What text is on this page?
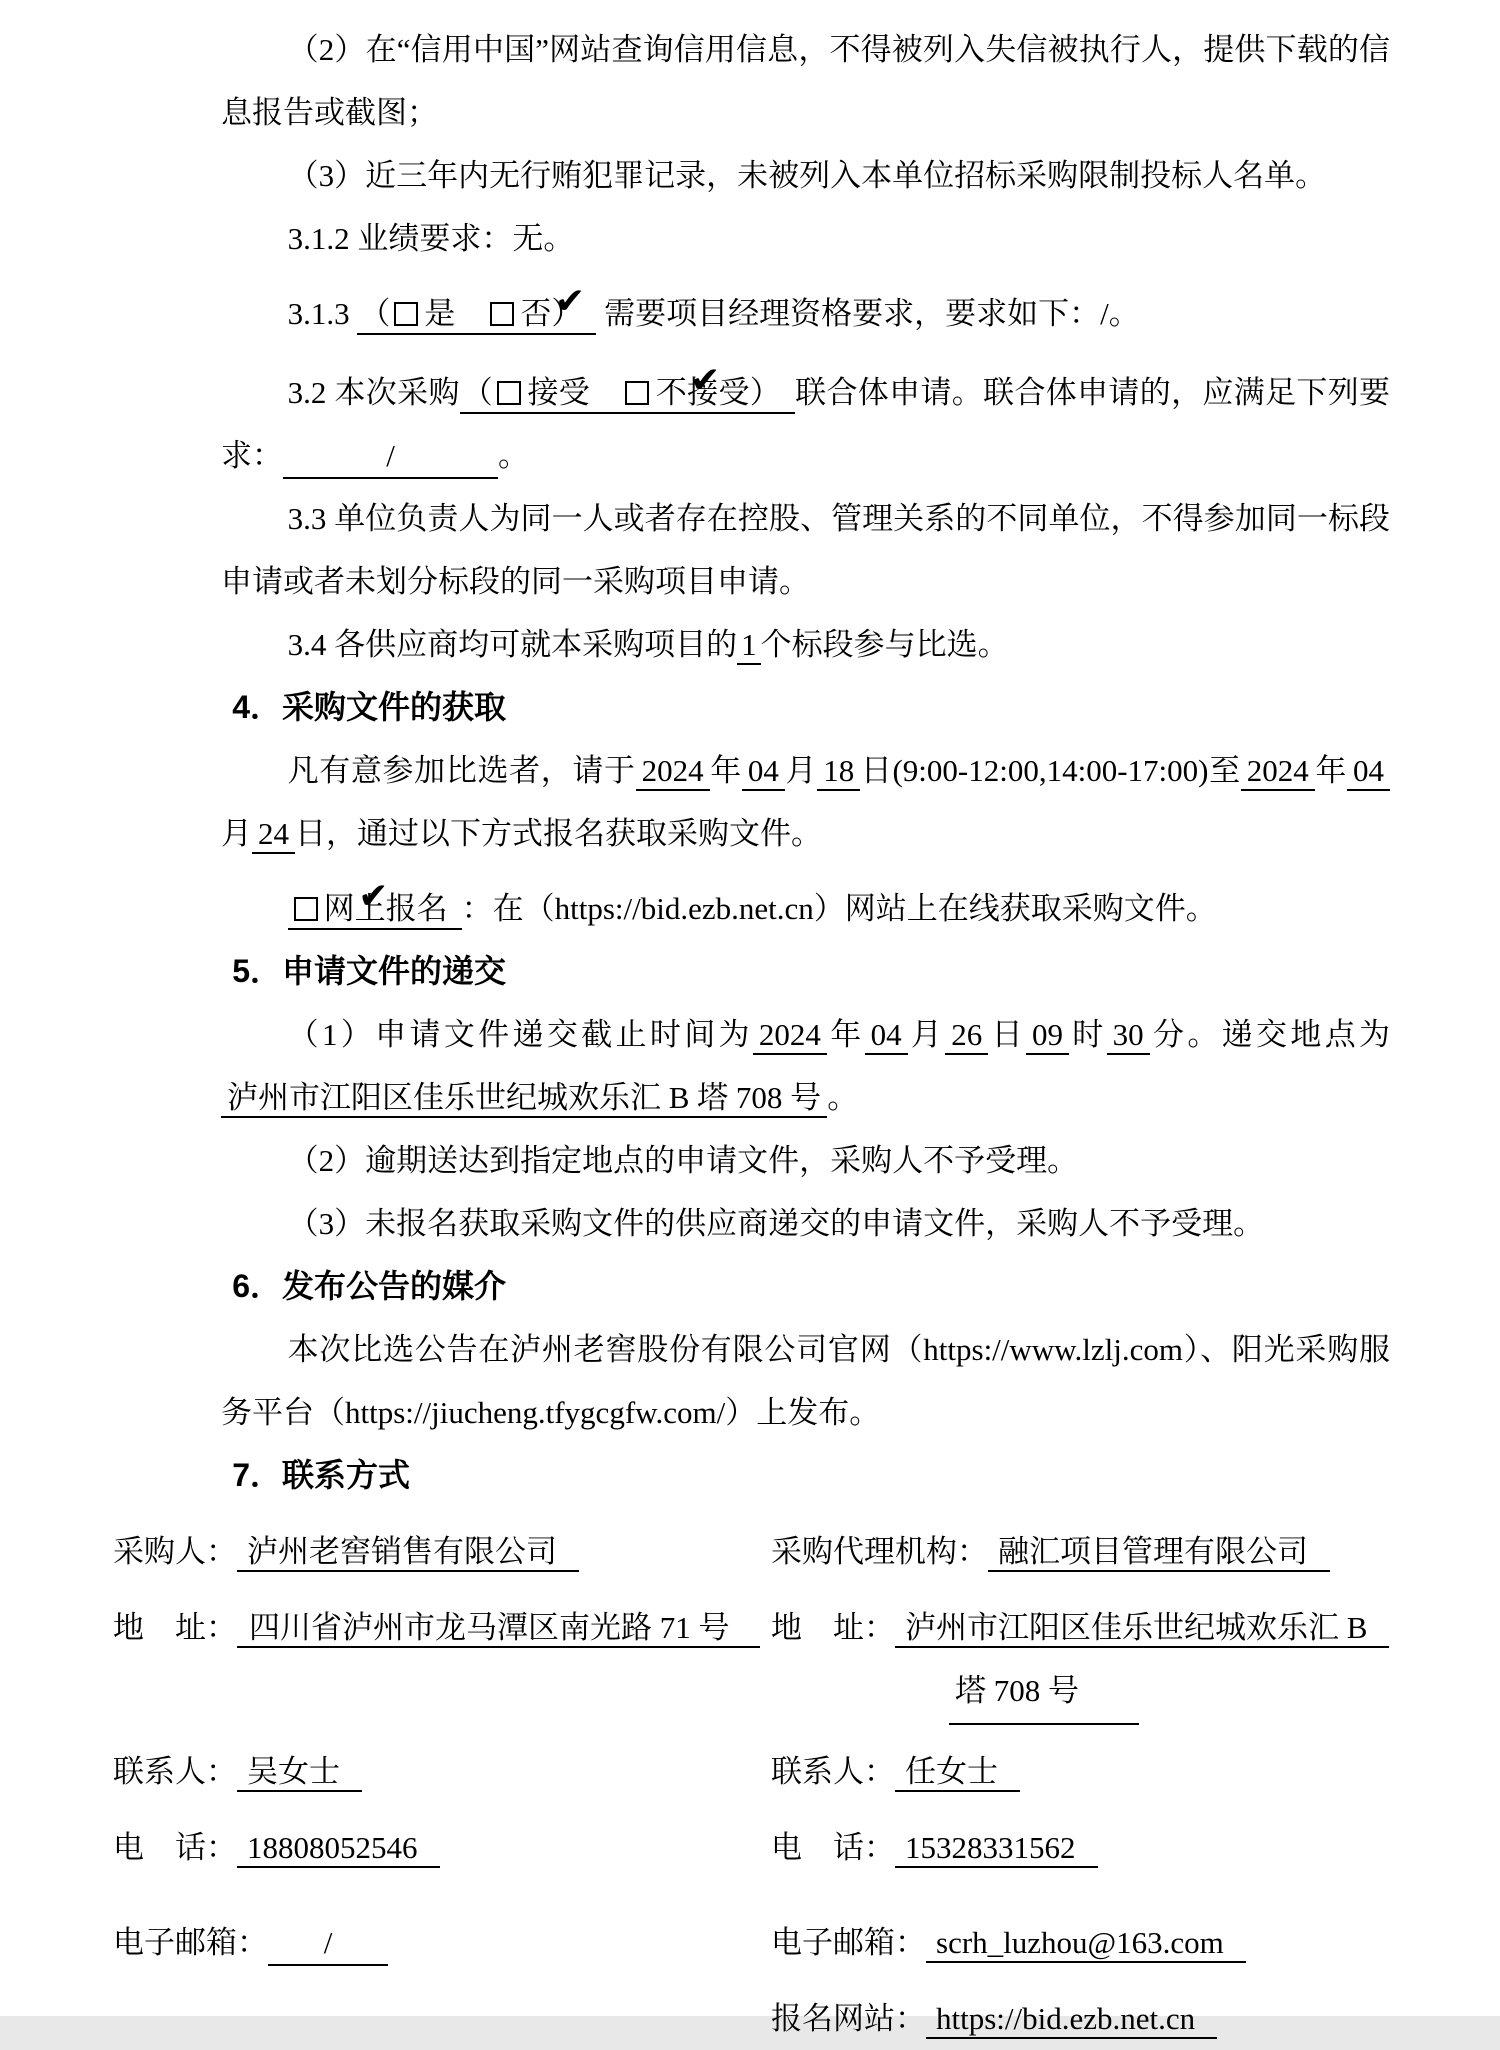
（2）在“信用中国”网站查询信用信息，不得被列入失信被执行人，提供下载的信息报告或截图；

（3）近三年内无行贿犯罪记录，未被列入本单位招标采购限制投标人名单。

3.1.2 业绩要求：无。

3.1.3 （ 是　 ✔ 否） 需要项目经理资格要求，要求如下：/。

3.2 本次采购（ 接受　 ✔ 不接受） 联合体申请。联合体申请的，应满足下列要求：	/	。

3.3 单位负责人为同一人或者存在控股、管理关系的不同单位，不得参加同一标段申请或者未划分标段的同一采购项目申请。

3.4 各供应商均可就本采购项目的 1 个标段参与比选。

4．采购文件的获取

凡有意参加比选者，请于 2024 年 04 月 18 日(9:00-12:00,14:00-17:00)至 2024 年 04月 24 日，通过以下方式报名获取采购文件。

✔网上报名 ：在（https://bid.ezb.net.cn）网站上在线获取采购文件。

5．申请文件的递交

（1）申请文件递交截止时间为 2024 年 04 月 26 日 09 时 30 分。递交地点为泸州市江阳区佳乐世纪城欢乐汇 B 塔 708 号 。

（2）逾期送达到指定地点的申请文件，采购人不予受理。

（3）未报名获取采购文件的供应商递交的申请文件，采购人不予受理。

6．发布公告的媒介

本次比选公告在泸州老窖股份有限公司官网（https://www.lzlj.com）、阳光采购服务平台（https://jiucheng.tfygcgfw.com/）上发布。

7．联系方式

采购人： 泸州老窖销售有限公司	采购代理机构： 融汇项目管理有限公司
地　址： 四川省泸州市龙马潭区南光路 71 号	地　址： 泸州市江阳区佳乐世纪城欢乐汇 B
塔 708 号
联系人： 吴女士	联系人： 任女士
电　话： 18808052546	电　话： 15328331562
电子邮箱： /	电子邮箱： scrh_luzhou@163.com
报名网站： https://bid.ezb.net.cn
